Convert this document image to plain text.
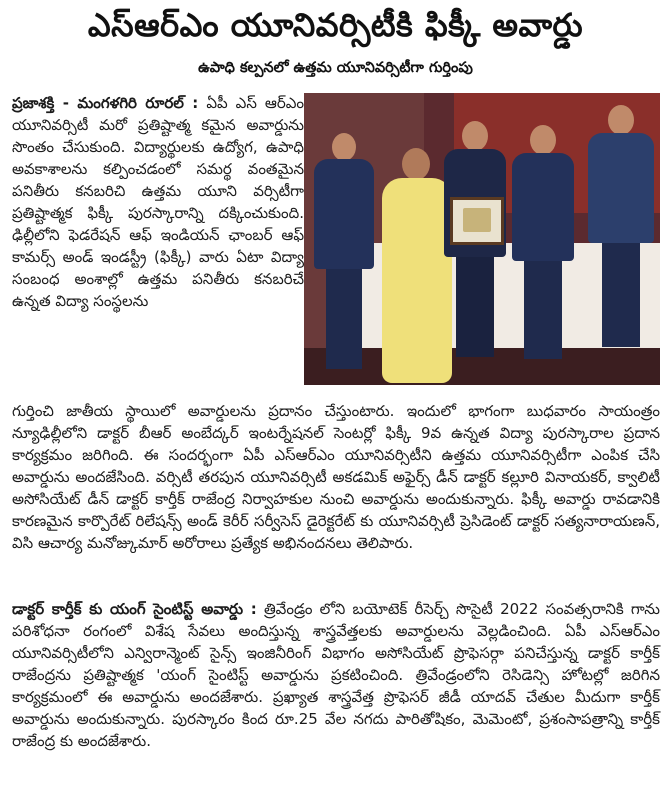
ఎస్ఆర్ఎం యూనివర్సిటీకి ఫిక్కీ అవార్డు
ఉపాధి కల్పనలో ఉత్తమ యూనివర్సిటీగా గుర్తింపు

ప్రజాశక్తి - మంగళగిరి రూరల్ : ఏపీ ఎస్ ఆర్ఎం యూనివర్సిటీ మరో ప్రతిష్టాత్మ కమైన అవార్డును సొంతం చేసుకుంది. విద్యార్థులకు ఉద్యోగ, ఉపాధి అవకాశాలను కల్పించడంలో సమర్థ వంతమైన పనితీరు కనబరిచి ఉత్తమ యూని వర్సిటీగా ప్రతిష్టాత్మక ఫిక్కీ పురస్కారాన్ని దక్కించుకుంది. ఢిల్లీలోని ఫెడరేషన్ ఆఫ్ ఇండియన్ ఛాంబర్ ఆఫ్ కామర్స్ అండ్ ఇండస్ట్రీ (ఫిక్కీ) వారు ఏటా విద్యా సంబంధ అంశాల్లో ఉత్తమ పనితీరు కనబరిచే ఉన్నత విద్యా సంస్థలను

గుర్తించి జాతీయ స్థాయిలో అవార్డులను ప్రదానం చేస్తుంటారు. ఇందులో భాగంగా బుధవారం సాయంత్రం న్యూఢిల్లీలోని డాక్టర్ బీఆర్ అంబేద్కర్ ఇంటర్నేషనల్ సెంటర్లో ఫిక్కీ 9వ ఉన్నత విద్యా పురస్కారాల ప్రదాన కార్యక్రమం జరిగింది. ఈ సందర్భంగా ఏపీ ఎస్ఆర్ఎం యూనివర్సిటీని ఉత్తమ యూనివర్సిటీగా ఎంపిక చేసి అవార్డును అందజేసింది. వర్సిటీ తరపున యూనివర్సిటీ అకడమిక్ అఫైర్స్ డీన్ డాక్టర్ కల్లూరి వినాయకర్, క్వాలిటీ అసోసియేట్ డీన్ డాక్టర్ కార్తీక్ రాజేంద్ర నిర్వాహకుల నుంచి అవార్డును అందుకున్నారు. ఫిక్కీ అవార్డు రావడానికి కారణమైన కార్పొరేట్ రిలేషన్స్ అండ్ కెరీర్ సర్వీసెస్ డైరెక్టరేట్ కు యూనివర్సిటీ ప్రెసిడెంట్ డాక్టర్ సత్యనారాయణన్, విసి ఆచార్య మనోజ్కుమార్ అరోరాలు ప్రత్యేక అభినందనలు తెలిపారు.

డాక్టర్ కార్తీక్ కు యంగ్ సైంటిస్ట్ అవార్డు : త్రివేండ్రం లోని బయోటెక్ రీసెర్చ్ సొసైటీ 2022 సంవత్సరానికి గాను పరిశోధనా రంగంలో విశేష సేవలు అందిస్తున్న శాస్త్రవేత్తలకు అవార్డులను వెల్లడించింది. ఏపీ ఎస్ఆర్ఎం యూనివర్సిటీలోని ఎన్విరాన్మెంట్ సైన్స్ ఇంజినీరింగ్ విభాగం అసోసియేట్ ప్రొఫెసర్గా పనిచేస్తున్న డాక్టర్ కార్తీక్ రాజేంద్రను ప్రతిష్టాత్మక 'యంగ్ సైంటిస్ట్ అవార్డును ప్రకటించింది. త్రివేండ్రంలోని రెసిడెన్సి హోటల్లో జరిగిన కార్యక్రమంలో ఈ అవార్డును అందజేశారు. ప్రఖ్యాత శాస్త్రవేత్త ప్రొఫెసర్ జీడీ యాదవ్ చేతుల మీదుగా కార్తీక్ అవార్డును అందుకున్నారు. పురస్కారం కింద రూ.25 వేల నగదు పారితోషికం, మెమెంటో, ప్రశంసాపత్రాన్ని కార్తీక్ రాజేంద్ర కు అందజేశారు.
